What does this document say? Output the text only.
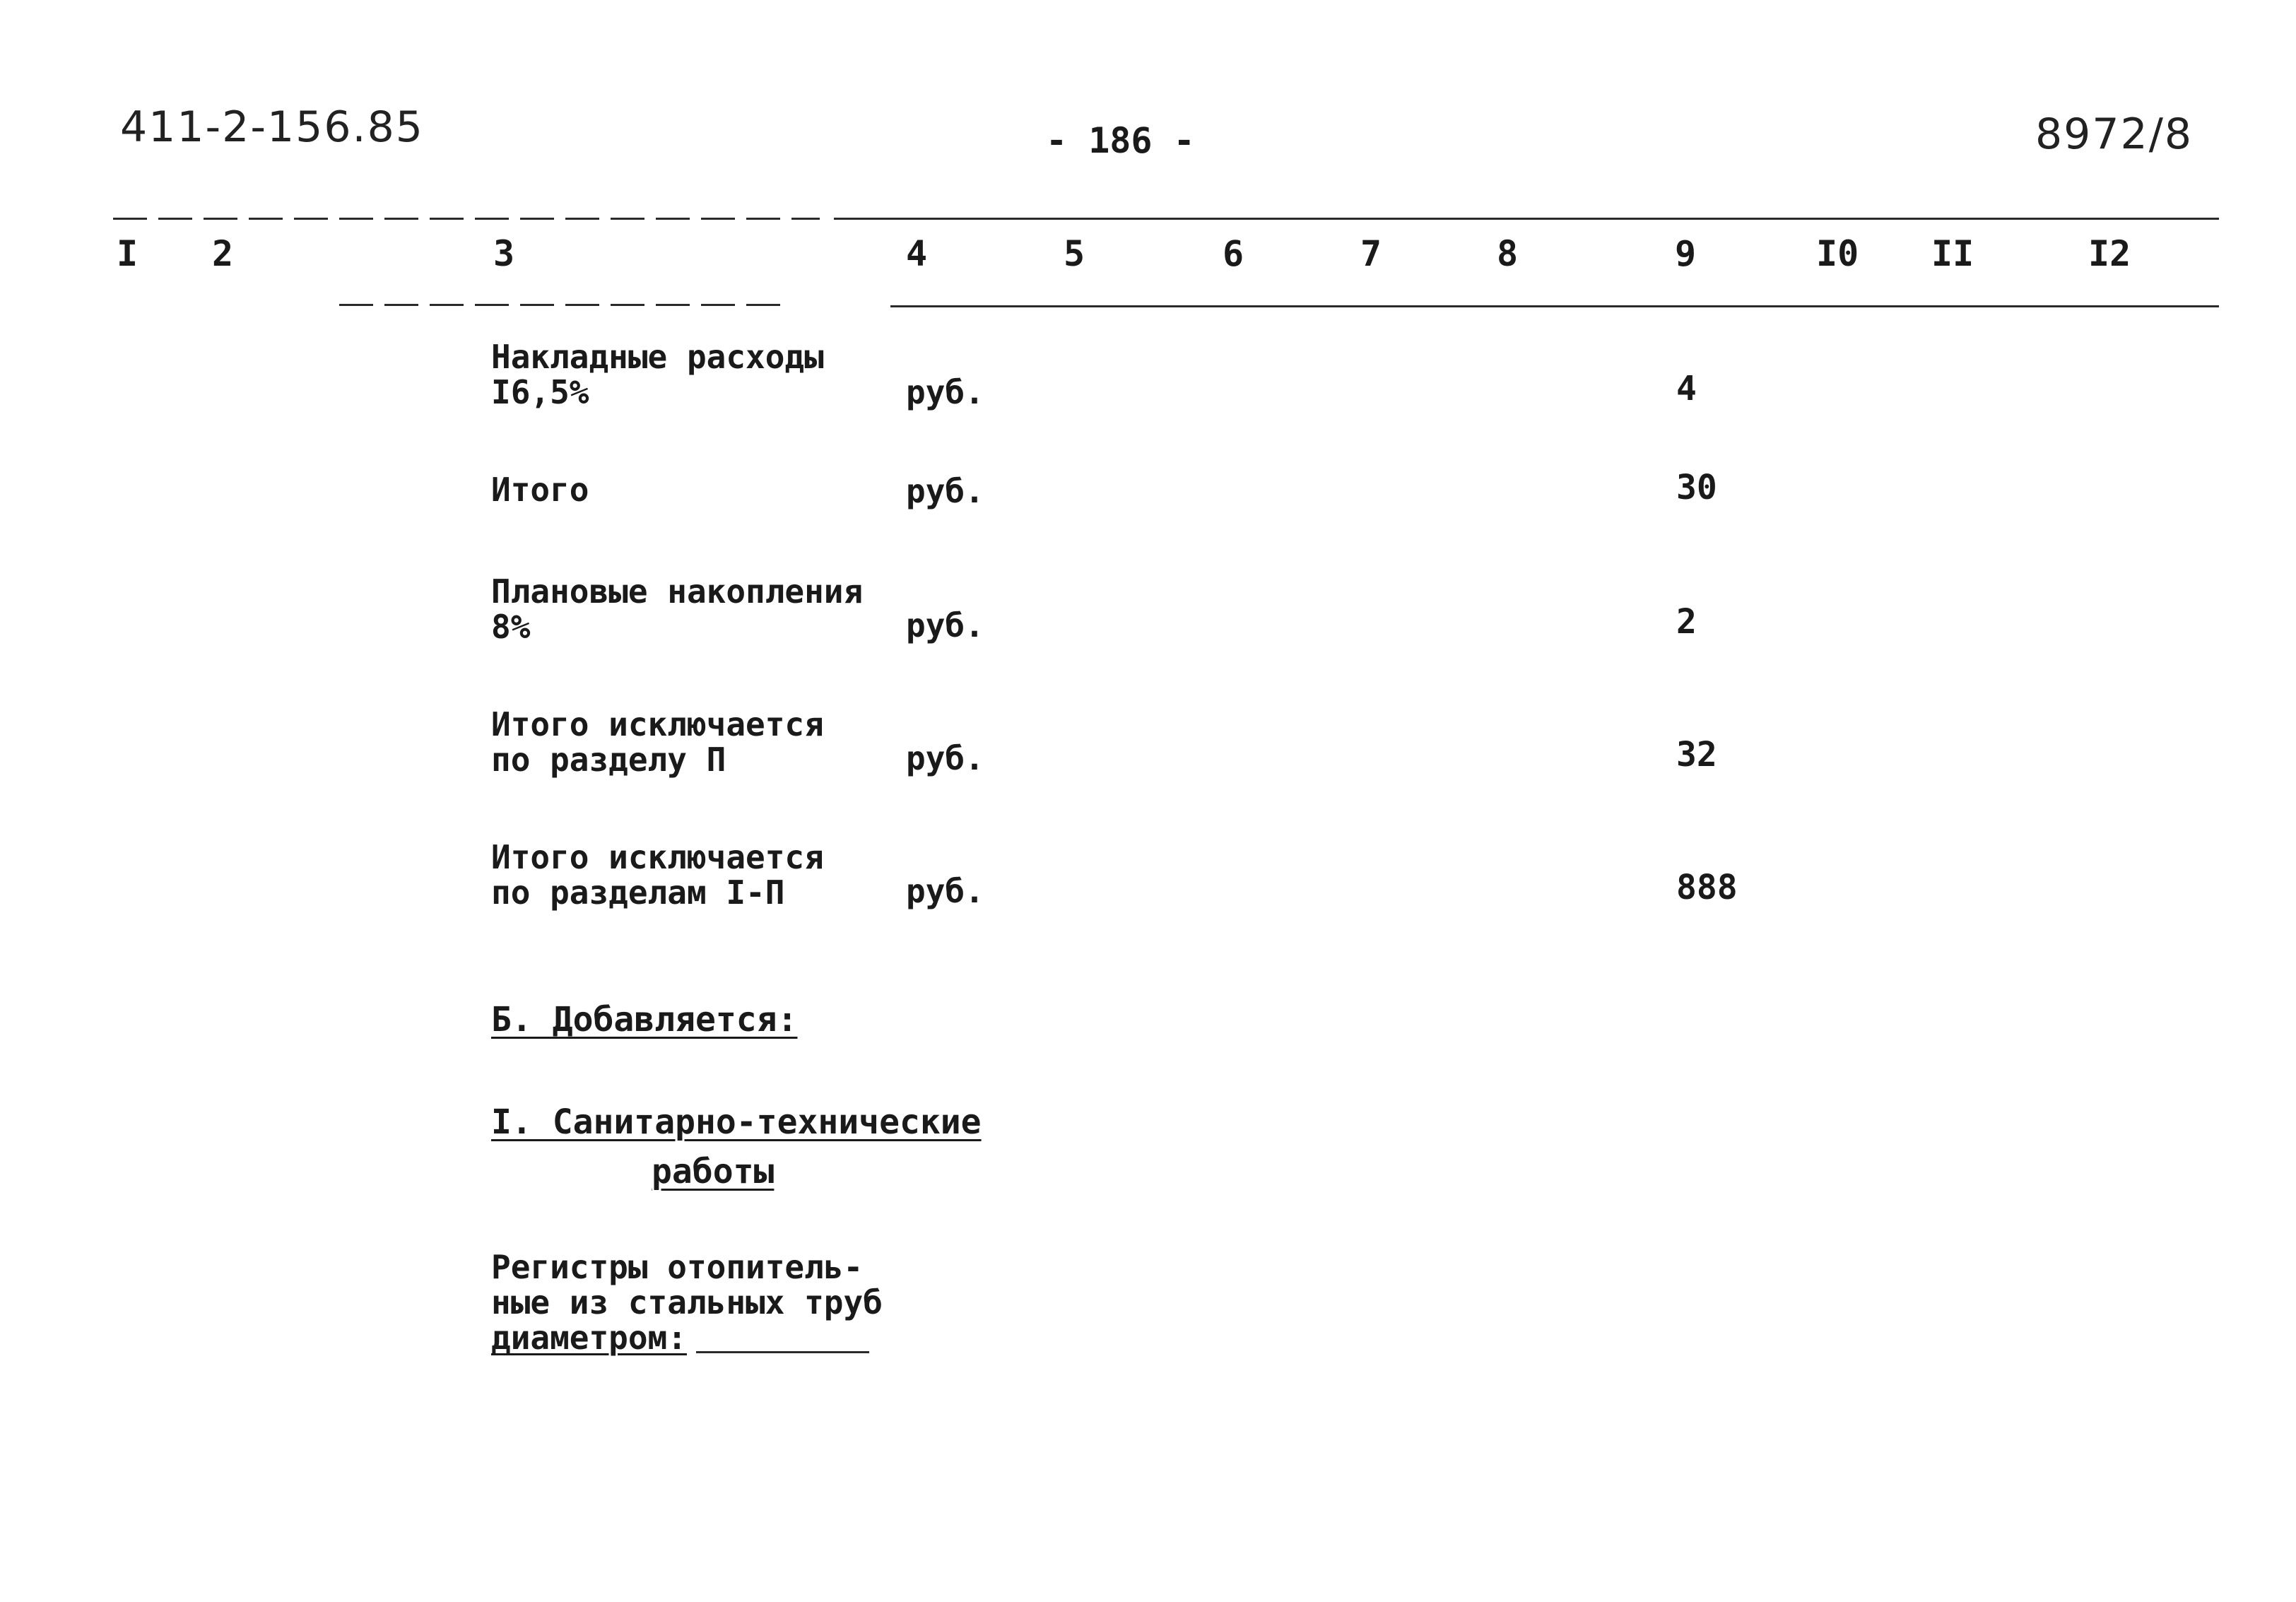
411-2-156.85	- 186 -	8972/8
I 2	3	4	5	6	7	8	9	I0 II	I2
Накладные расходы
I6,5%	руб.	4
Итого	руб.	30
Плановые накопления
8%	руб.	2
Итого исключается
по разделу П	руб.	32
Итого исключается
по разделам I-П	руб.	888
Б. Добавляется:
I. Санитарно-технические
работы
Регистры отопитель-
ные из стальных труб
диаметром:
